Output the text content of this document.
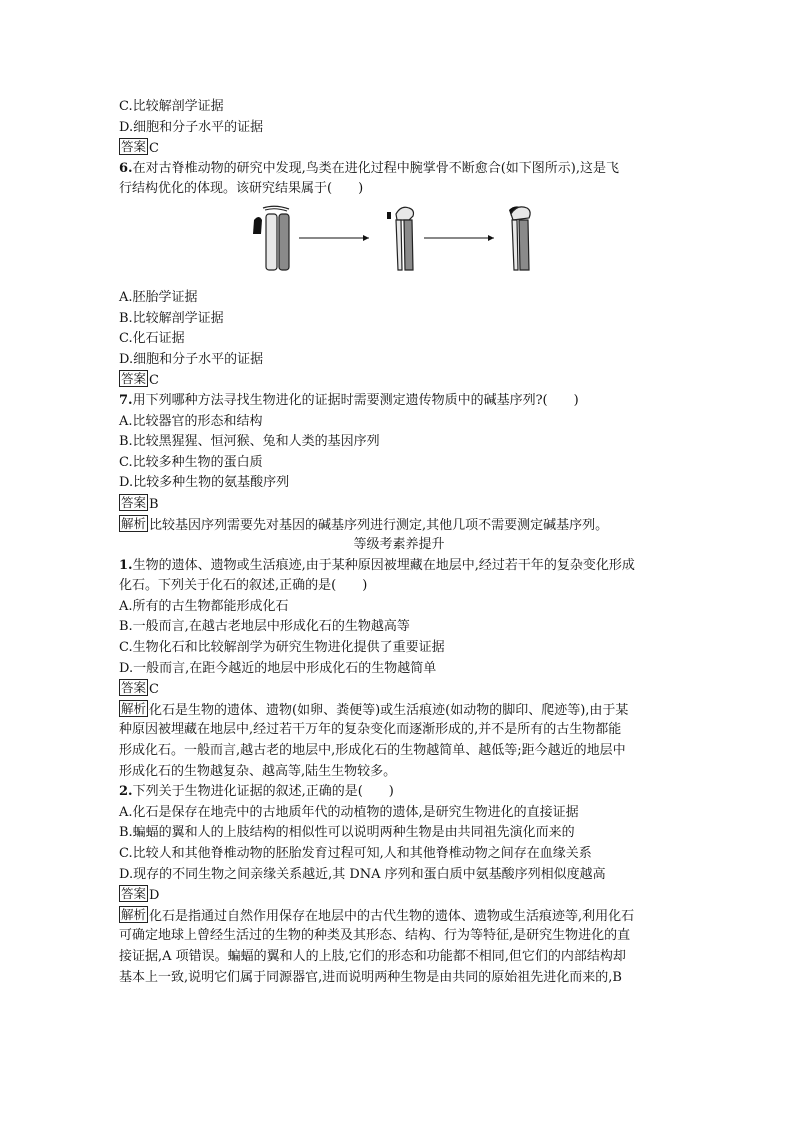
C.比较解剖学证据
D.细胞和分子水平的证据
答案 C
6.在对古脊椎动物的研究中发现,鸟类在进化过程中腕掌骨不断愈合(如下图所示),这是飞
行结构优化的体现。该研究结果属于(　　)
A.胚胎学证据
B.比较解剖学证据
C.化石证据
D.细胞和分子水平的证据
答案 C
7.用下列哪种方法寻找生物进化的证据时需要测定遗传物质中的碱基序列?(　　)
A.比较器官的形态和结构
B.比较黑猩猩、恒河猴、兔和人类的基因序列
C.比较多种生物的蛋白质
D.比较多种生物的氨基酸序列
答案 B
解析 比较基因序列需要先对基因的碱基序列进行测定,其他几项不需要测定碱基序列。
等级考素养提升
1.生物的遗体、遗物或生活痕迹,由于某种原因被埋藏在地层中,经过若干年的复杂变化形成
化石。下列关于化石的叙述,正确的是(　　)
A.所有的古生物都能形成化石
B.一般而言,在越古老地层中形成化石的生物越高等
C.生物化石和比较解剖学为研究生物进化提供了重要证据
D.一般而言,在距今越近的地层中形成化石的生物越简单
答案 C
解析 化石是生物的遗体、遗物(如卵、粪便等)或生活痕迹(如动物的脚印、爬迹等),由于某
种原因被埋藏在地层中,经过若干万年的复杂变化而逐渐形成的,并不是所有的古生物都能
形成化石。一般而言,越古老的地层中,形成化石的生物越简单、越低等;距今越近的地层中
形成化石的生物越复杂、越高等,陆生生物较多。
2.下列关于生物进化证据的叙述,正确的是(　　)
A.化石是保存在地壳中的古地质年代的动植物的遗体,是研究生物进化的直接证据
B.蝙蝠的翼和人的上肢结构的相似性可以说明两种生物是由共同祖先演化而来的
C.比较人和其他脊椎动物的胚胎发育过程可知,人和其他脊椎动物之间存在血缘关系
D.现存的不同生物之间亲缘关系越近,其 DNA 序列和蛋白质中氨基酸序列相似度越高
答案 D
解析 化石是指通过自然作用保存在地层中的古代生物的遗体、遗物或生活痕迹等,利用化石
可确定地球上曾经生活过的生物的种类及其形态、结构、行为等特征,是研究生物进化的直
接证据,A 项错误。蝙蝠的翼和人的上肢,它们的形态和功能都不相同,但它们的内部结构却
基本上一致,说明它们属于同源器官,进而说明两种生物是由共同的原始祖先进化而来的,B
